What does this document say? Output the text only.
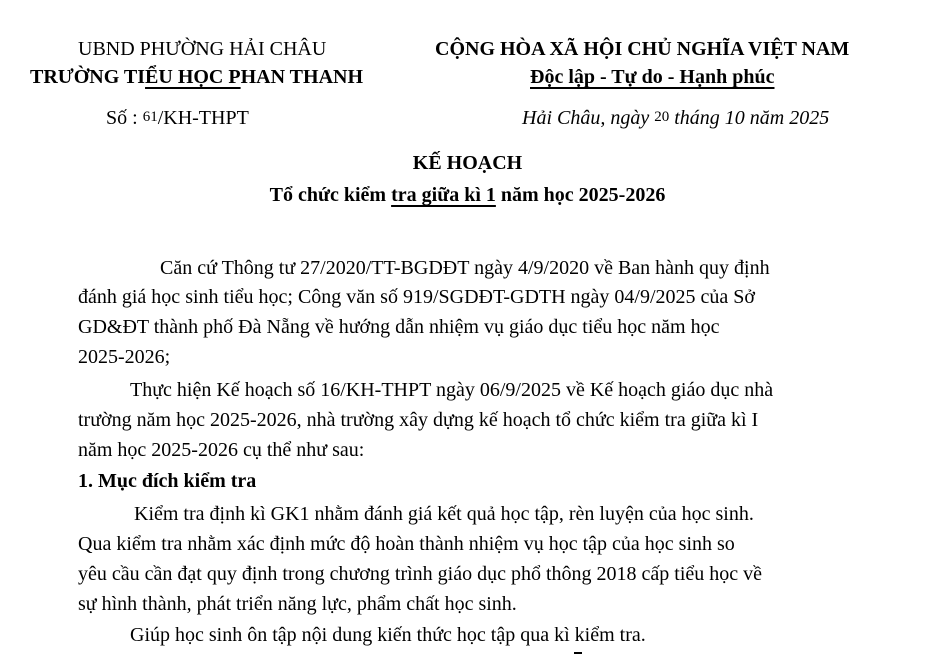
UBND PHƯỜNG HẢI CHÂU
TRƯỜNG TIỂU HỌC PHAN THANH
Số : 61/KH-THPT
CỘNG HÒA XÃ HỘI CHỦ NGHĨA VIỆT NAM
Độc lập - Tự do - Hạnh phúc
Hải Châu, ngày 20 tháng 10 năm 2025
KẾ HOẠCH
Tổ chức kiểm tra giữa kì 1 năm học 2025-2026
Căn cứ Thông tư 27/2020/TT-BGDĐT ngày 4/9/2020 về Ban hành quy định
đánh giá học sinh tiểu học; Công văn số 919/SGDĐT-GDTH ngày 04/9/2025 của Sở
GD&ĐT thành phố Đà Nẵng về hướng dẫn nhiệm vụ giáo dục tiểu học năm học
2025-2026;
Thực hiện Kế hoạch số 16/KH-THPT ngày 06/9/2025 về Kế hoạch giáo dục nhà
trường năm học 2025-2026, nhà trường xây dựng kế hoạch tổ chức kiểm tra giữa kì I
năm học 2025-2026 cụ thể như sau:
1. Mục đích kiểm tra
Kiểm tra định kì GK1 nhằm đánh giá kết quả học tập, rèn luyện của học sinh.
Qua kiểm tra nhằm xác định mức độ hoàn thành nhiệm vụ học tập của học sinh so
yêu cầu cần đạt quy định trong chương trình giáo dục phổ thông 2018 cấp tiểu học về
sự hình thành, phát triển năng lực, phẩm chất học sinh.
Giúp học sinh ôn tập nội dung kiến thức học tập qua kì kiểm tra.
